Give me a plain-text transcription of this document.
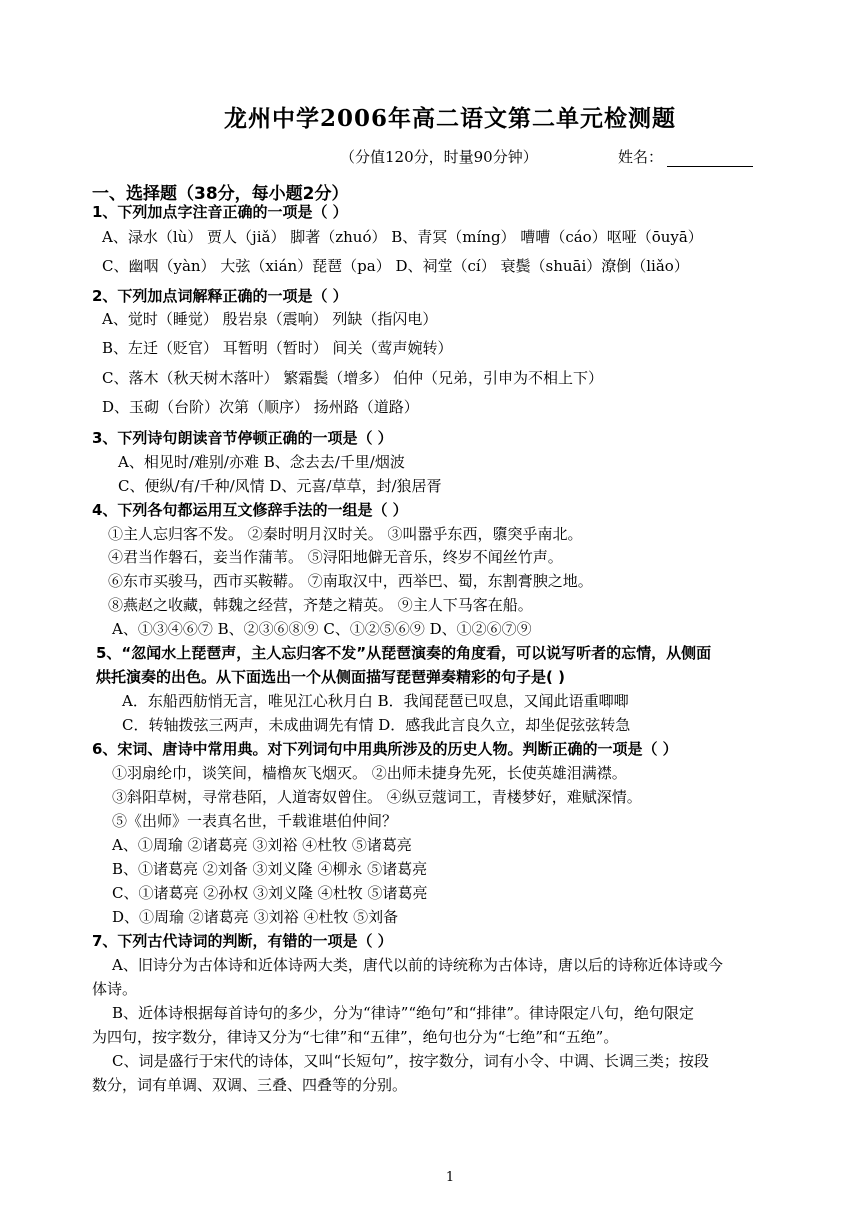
龙州中学2006年高二语文第二单元检测题
（分值120分，时量90分钟）	姓名：
一、选择题（38分，每小题2分）
1、下列加点字注音正确的一项是（ ）
A、渌水（lù） 贾人（jiǎ） 脚著（zhuó） B、青冥（míng） 嘈嘈（cáo）呕哑（ōuyā）
C、幽咽（yàn） 大弦（xián）琵琶（pa） D、祠堂（cí） 衰鬓（shuāi）潦倒（liǎo）
2、下列加点词解释正确的一项是（ ）
A、觉时（睡觉） 殷岩泉（震响） 列缺（指闪电）
B、左迁（贬官） 耳暂明（暂时） 间关（莺声婉转）
C、落木（秋天树木落叶） 繁霜鬓（增多） 伯仲（兄弟，引申为不相上下）
D、玉砌（台阶）次第（顺序） 扬州路（道路）
3、下列诗句朗读音节停顿正确的一项是（ ）
A、相见时/难别/亦难 B、念去去/千里/烟波
C、便纵/有/千种/风情 D、元喜/草草，封/狼居胥
4、下列各句都运用互文修辞手法的一组是（ ）
①主人忘归客不发。 ②秦时明月汉时关。 ③叫嚣乎东西，隳突乎南北。
④君当作磐石，妾当作蒲苇。 ⑤浔阳地僻无音乐，终岁不闻丝竹声。
⑥东市买骏马，西市买鞍鞯。 ⑦南取汉中，西举巴、蜀，东割膏腴之地。
⑧燕赵之收藏，韩魏之经营，齐楚之精英。 ⑨主人下马客在船。
A、①③④⑥⑦ B、②③⑥⑧⑨ C、①②⑤⑥⑨ D、①②⑥⑦⑨
5、“忽闻水上琵琶声，主人忘归客不发”从琵琶演奏的角度看，可以说写听者的忘情，从侧面
烘托演奏的出色。从下面选出一个从侧面描写琵琶弹奏精彩的句子是( )
A．东船西舫悄无言，唯见江心秋月白 B．我闻琵琶已叹息，又闻此语重唧唧
C．转轴拨弦三两声，未成曲调先有情 D．感我此言良久立，却坐促弦弦转急
6、宋词、唐诗中常用典。对下列词句中用典所涉及的历史人物。判断正确的一项是（ ）
①羽扇纶巾，谈笑间，樯橹灰飞烟灭。 ②出师未捷身先死，长使英雄泪满襟。
③斜阳草树，寻常巷陌，人道寄奴曾住。 ④纵豆蔻词工，青楼梦好，难赋深情。
⑤《出师》一表真名世，千载谁堪伯仲间？
A、①周瑜 ②诸葛亮 ③刘裕 ④杜牧 ⑤诸葛亮
B、①诸葛亮 ②刘备 ③刘义隆 ④柳永 ⑤诸葛亮
C、①诸葛亮 ②孙权 ③刘义隆 ④杜牧 ⑤诸葛亮
D、①周瑜 ②诸葛亮 ③刘裕 ④杜牧 ⑤刘备
7、下列古代诗词的判断，有错的一项是（ ）
A、旧诗分为古体诗和近体诗两大类，唐代以前的诗统称为古体诗，唐以后的诗称近体诗或今
体诗。
B、近体诗根据每首诗句的多少，分为“律诗”“绝句”和“排律”。律诗限定八句，绝句限定
为四句，按字数分，律诗又分为“七律”和“五律”，绝句也分为“七绝”和“五绝”。
C、词是盛行于宋代的诗体，又叫“长短句”，按字数分，词有小令、中调、长调三类；按段
数分，词有单调、双调、三叠、四叠等的分别。
1
